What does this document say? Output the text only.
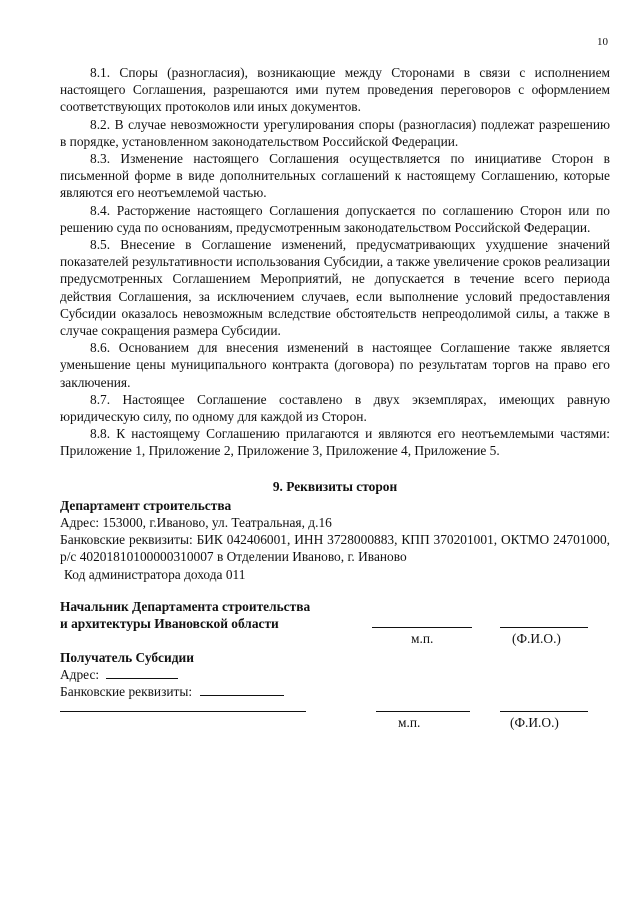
10

8.1. Споры (разногласия), возникающие между Сторонами в связи с исполнением настоящего Соглашения, разрешаются ими путем проведения переговоров с оформлением соответствующих протоколов или иных документов.

8.2. В случае невозможности урегулирования споры (разногласия) подлежат разрешению в порядке, установленном законодательством Российской Федерации.

8.3. Изменение настоящего Соглашения осуществляется по инициативе Сторон в письменной форме в виде дополнительных соглашений к настоящему Соглашению, которые являются его неотъемлемой частью.

8.4. Расторжение настоящего Соглашения допускается по соглашению Сторон или по решению суда по основаниям, предусмотренным законодательством Российской Федерации.

8.5. Внесение в Соглашение изменений, предусматривающих ухудшение значений показателей результативности использования Субсидии, а также увеличение сроков реализации предусмотренных Соглашением Мероприятий, не допускается в течение всего периода действия Соглашения, за исключением случаев, если выполнение условий предоставления Субсидии оказалось невозможным вследствие обстоятельств непреодолимой силы, а также в случае сокращения размера Субсидии.

8.6. Основанием для внесения изменений в настоящее Соглашение также является уменьшение цены муниципального контракта (договора) по результатам торгов на право его заключения.

8.7. Настоящее Соглашение составлено в двух экземплярах, имеющих равную юридическую силу, по одному для каждой из Сторон.

8.8. К настоящему Соглашению прилагаются и являются его неотъемлемыми частями: Приложение 1, Приложение 2, Приложение 3, Приложение 4, Приложение 5.

9. Реквизиты сторон

Департамент строительства

Адрес: 153000, г.Иваново, ул. Театральная, д.16

Банковские реквизиты: БИК 042406001, ИНН 3728000883, КПП 370201001, ОКТМО 24701000, р/с 40201810100000310007 в Отделении Иваново, г. Иваново

Код администратора дохода 011

Начальник Департамента строительства

и архитектуры Ивановской области

м.п.	(Ф.И.О.)

Получатель Субсидии

Адрес:

Банковские реквизиты:

м.п.	(Ф.И.О.)
